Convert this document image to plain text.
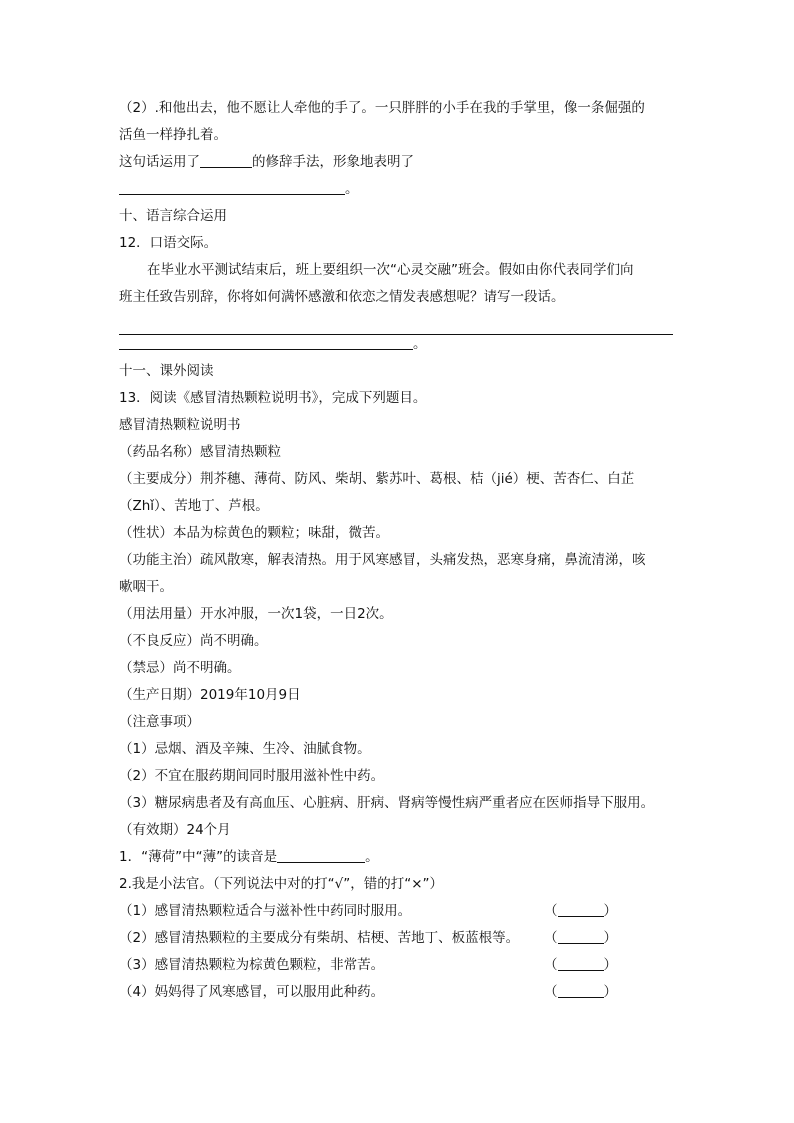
（2）.和他出去，他不愿让人牵他的手了。一只胖胖的小手在我的手掌里，像一条倔强的
活鱼一样挣扎着。
这句话运用了	的修辞手法，形象地表明了
。
十、语言综合运用
12．口语交际。
在毕业水平测试结束后，班上要组织一次“心灵交融”班会。假如由你代表同学们向
班主任致告别辞，你将如何满怀感激和依恋之情发表感想呢？请写一段话。
。
十一、课外阅读
13．阅读《感冒清热颗粒说明书》，完成下列题目。
感冒清热颗粒说明书
（药品名称）感冒清热颗粒
（主要成分）荆芥穗、薄荷、防风、柴胡、紫苏叶、葛根、桔（jié）梗、苦杏仁、白芷
（Zhǐ）、苦地丁、芦根。
（性状）本品为棕黄色的颗粒；味甜，微苦。
（功能主治）疏风散寒，解表清热。用于风寒感冒，头痛发热，恶寒身痛，鼻流清涕，咳
嗽咽干。
（用法用量）开水冲服，一次1袋，一日2次。
（不良反应）尚不明确。
（禁忌）尚不明确。
（生产日期）2019年10月9日
（注意事项）
（1）忌烟、酒及辛辣、生冷、油腻食物。
（2）不宜在服药期间同时服用滋补性中药。
（3）糖尿病患者及有高血压、心脏病、肝病、肾病等慢性病严重者应在医师指导下服用。
（有效期）24个月
1．“薄荷”中“薄”的读音是	。
2.我是小法官。（下列说法中对的打“√”，错的打“×”）
（1）感冒清热颗粒适合与滋补性中药同时服用。	（	）
（2）感冒清热颗粒的主要成分有柴胡、桔梗、苦地丁、板蓝根等。 （	）
（3）感冒清热颗粒为棕黄色颗粒，非常苦。	（	）
（4）妈妈得了风寒感冒，可以服用此种药。	（	）
